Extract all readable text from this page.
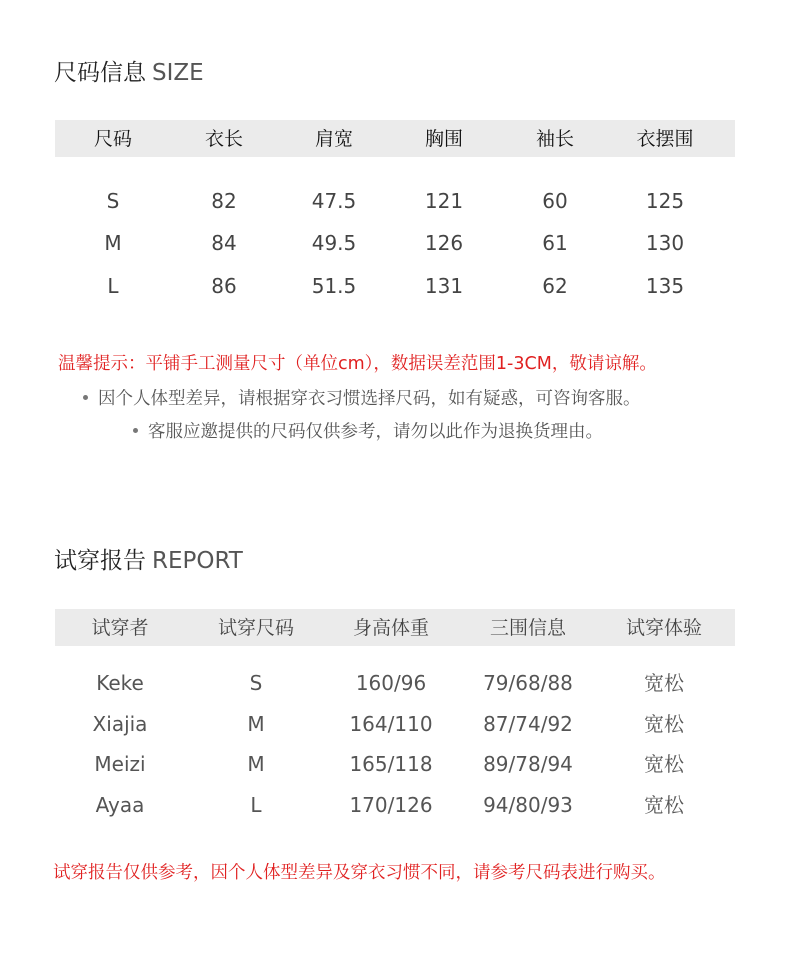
尺码信息 SIZE
尺码	衣长	肩宽	胸围	袖长	衣摆围
S	82	47.5	121	60	125
M	84	49.5	126	61	130
L	86	51.5	131	62	135
温馨提示：平铺手工测量尺寸（单位cm），数据误差范围1-3CM，敬请谅解。
因个人体型差异，请根据穿衣习惯选择尺码，如有疑惑，可咨询客服。
客服应邀提供的尺码仅供参考，请勿以此作为退换货理由。
试穿报告 REPORT
试穿者	试穿尺码	身高体重	三围信息	试穿体验
Keke	S	160/96	79/68/88	宽松
Xiajia	M	164/110	87/74/92	宽松
Meizi	M	165/118	89/78/94	宽松
Ayaa	L	170/126	94/80/93	宽松
试穿报告仅供参考，因个人体型差异及穿衣习惯不同，请参考尺码表进行购买。
